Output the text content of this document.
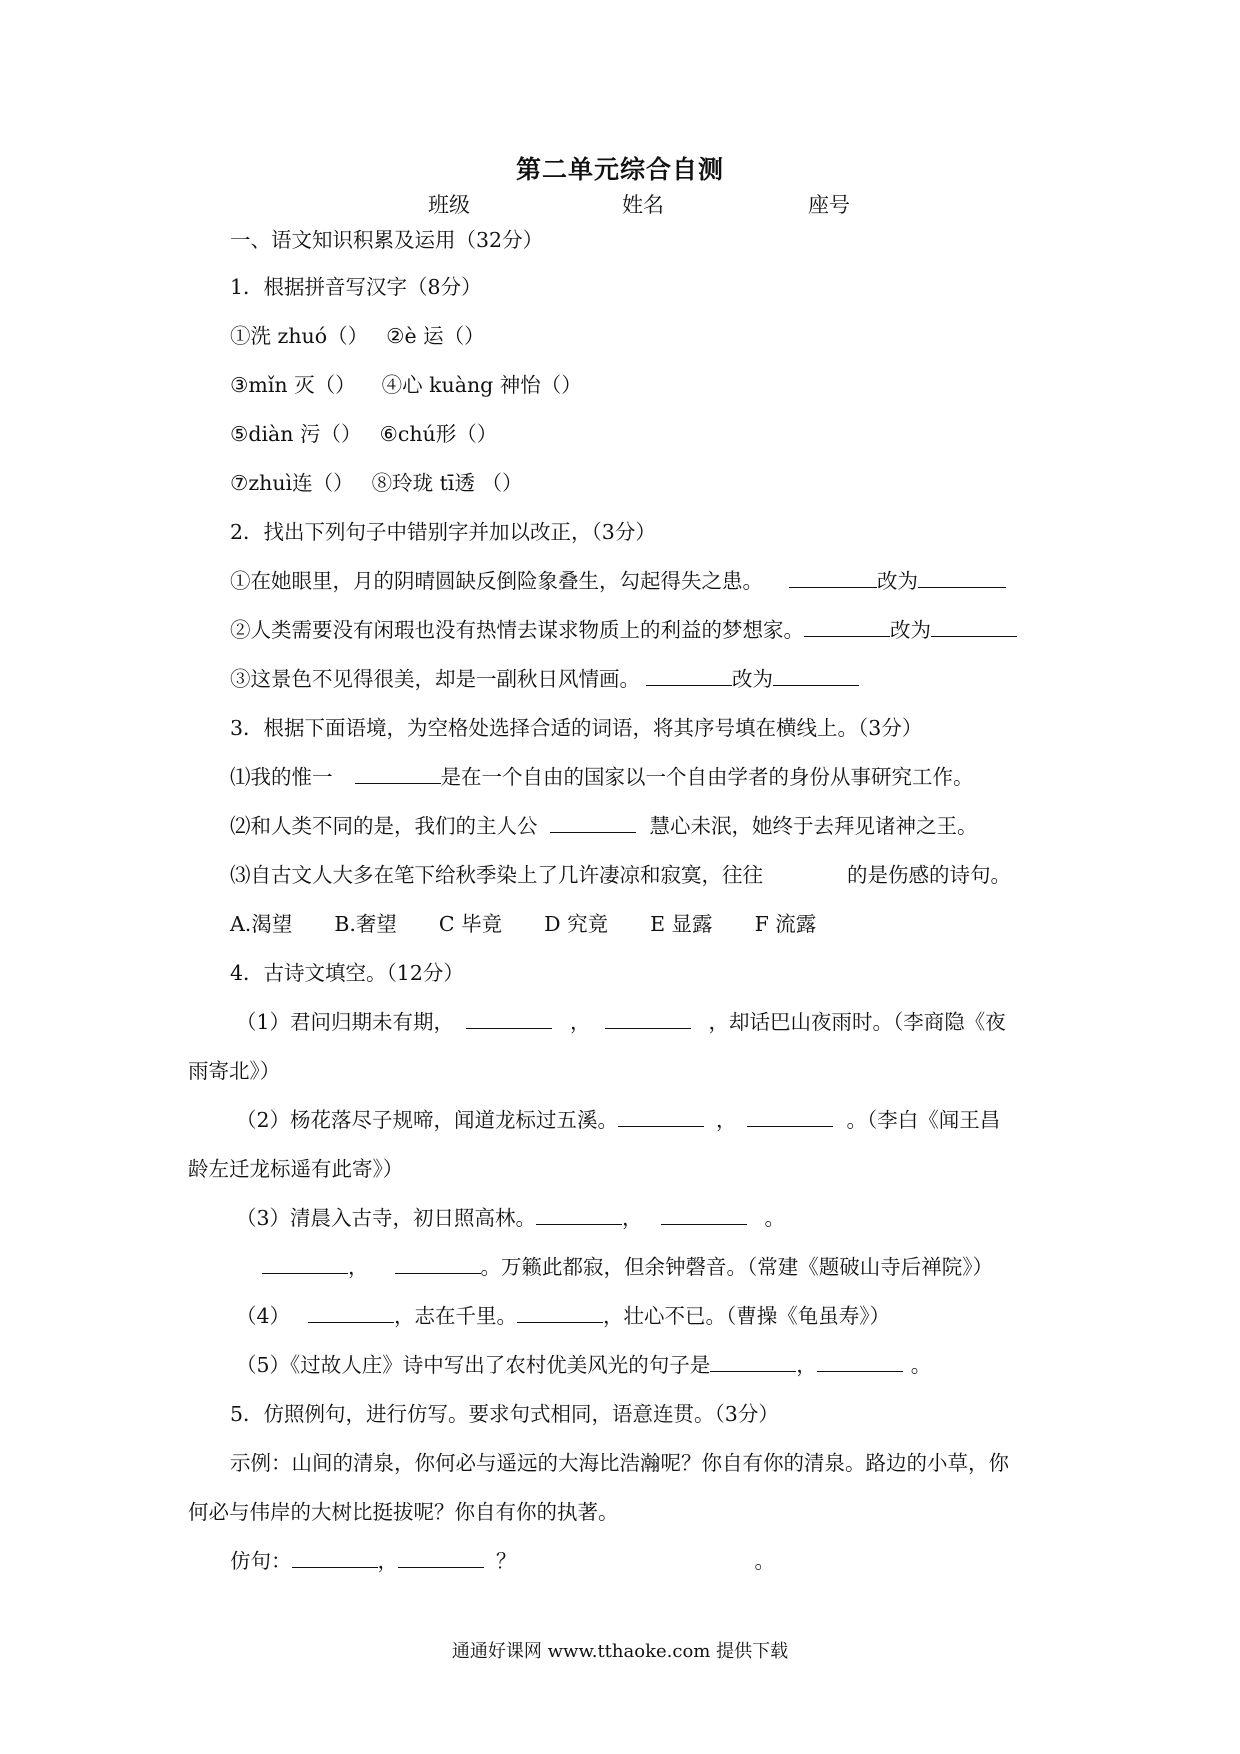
第二单元综合自测
班级	姓名	座号
一、语文知识积累及运用（32分）
1．根据拼音写汉字（8分）
①洗 zhuó（） ②è 运（）
③mǐn 灭（） ④心 kuàng 神怡（）
⑤diàn 污（） ⑥chú形（）
⑦zhuì连（） ⑧玲珑 tī透 （）
2．找出下列句子中错别字并加以改正，（3分）
①在她眼里，月的阴晴圆缺反倒险象叠生，勾起得失之患。	改为
②人类需要没有闲瑕也没有热情去谋求物质上的利益的梦想家。	改为
③这景色不见得很美，却是一副秋日风情画。	改为
3．根据下面语境，为空格处选择合适的词语，将其序号填在横线上。（3分）
⑴我的惟一	是在一个自由的国家以一个自由学者的身份从事研究工作。
⑵和人类不同的是，我们的主人公	慧心未泯，她终于去拜见诸神之王。
⑶自古文人大多在笔下给秋季染上了几许凄凉和寂寞，往往	的是伤感的诗句。
A.渴望 B.奢望 C 毕竟 D 究竟 E 显露 F 流露
4．古诗文填空。（12分）
（1）君问归期未有期，	，	，却话巴山夜雨时。（李商隐《夜
雨寄北》）
（2）杨花落尽子规啼，闻道龙标过五溪。	，	。（李白《闻王昌
龄左迁龙标遥有此寄》）
（3）清晨入古寺，初日照高林。	，	。
，	。万籁此都寂，但余钟磬音。（常建《题破山寺后禅院》）
（4）	，志在千里。	，壮心不已。（曹操《龟虽寿》）
（5）《过故人庄》诗中写出了农村优美风光的句子是	，	。
5．仿照例句，进行仿写。要求句式相同，语意连贯。（3分）
示例：山间的清泉，你何必与遥远的大海比浩瀚呢？你自有你的清泉。路边的小草，你
何必与伟岸的大树比挺拔呢？你自有你的执著。
仿句：	，	？	。
通通好课网 www.tthaoke.com 提供下载
